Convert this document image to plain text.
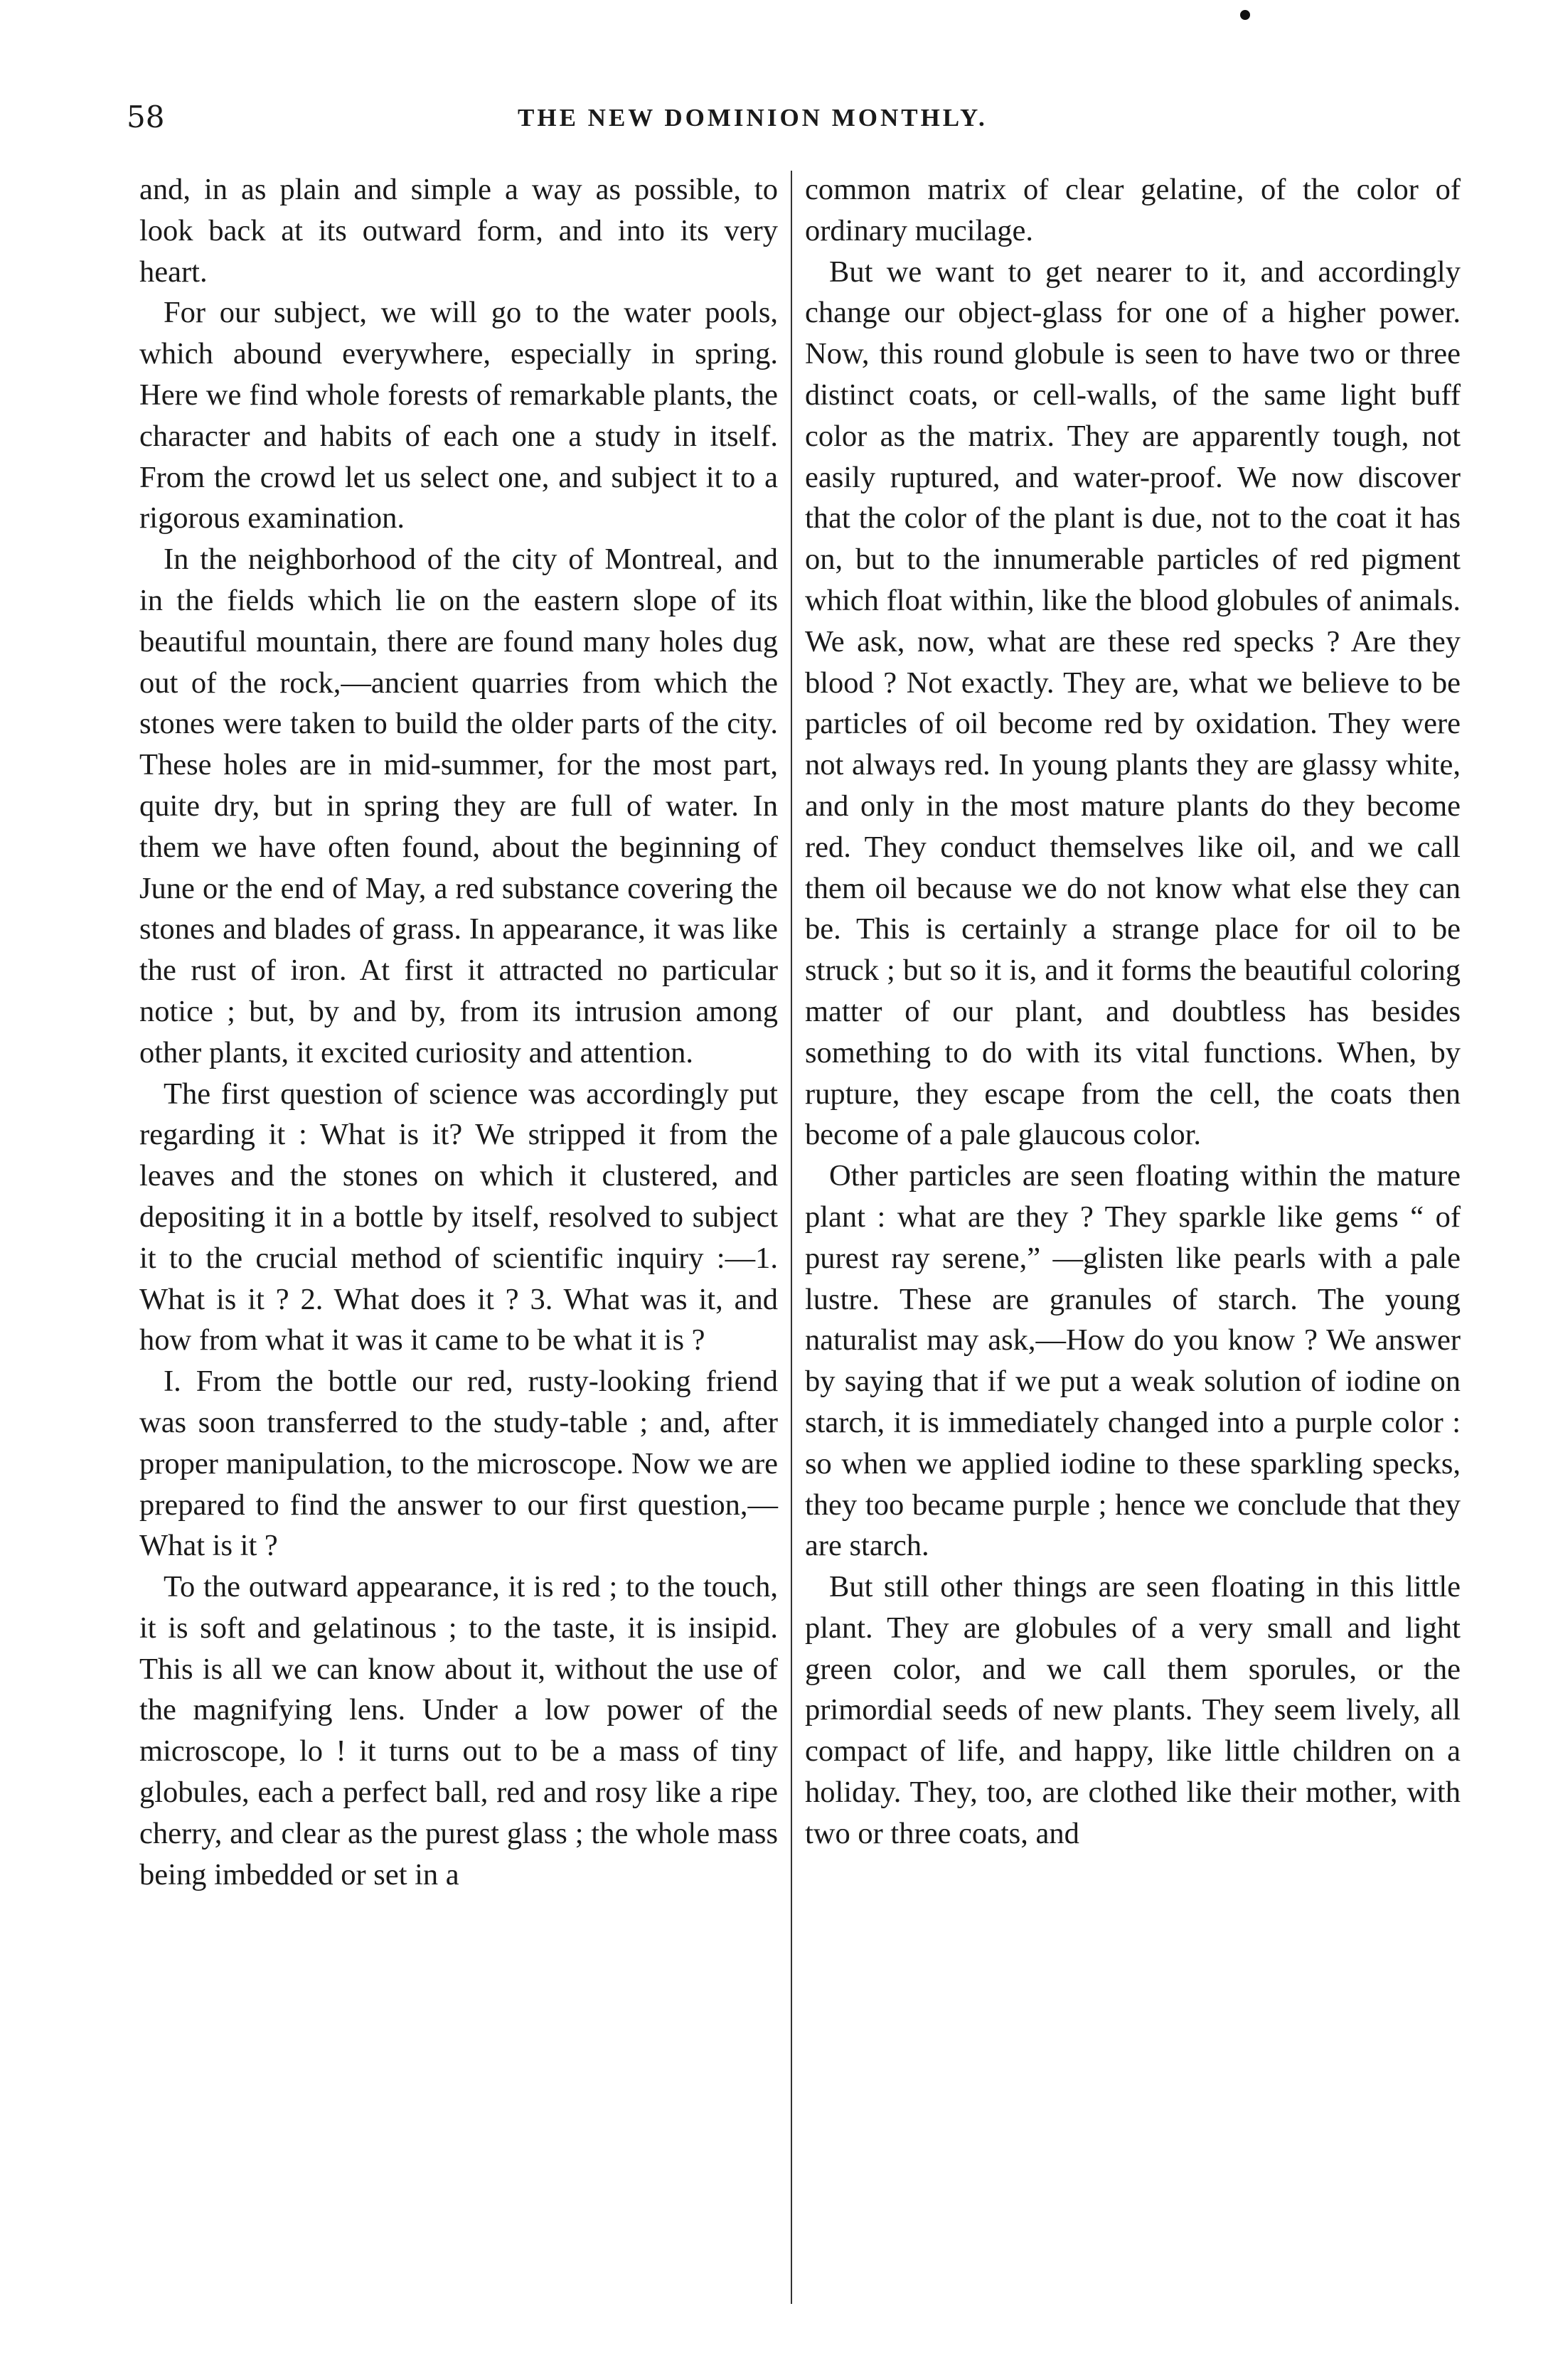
58	THE NEW DOMINION MONTHLY.

and, in as plain and simple a way as possible, to look back at its outward form, and into its very heart.

For our subject, we will go to the water pools, which abound everywhere, especially in spring. Here we find whole forests of remarkable plants, the character and habits of each one a study in itself. From the crowd let us select one, and subject it to a rigorous examination.

In the neighborhood of the city of Montreal, and in the fields which lie on the eastern slope of its beautiful mountain, there are found many holes dug out of the rock,—ancient quarries from which the stones were taken to build the older parts of the city. These holes are in mid-summer, for the most part, quite dry, but in spring they are full of water. In them we have often found, about the beginning of June or the end of May, a red substance covering the stones and blades of grass. In appearance, it was like the rust of iron. At first it attracted no particular notice ; but, by and by, from its intrusion among other plants, it excited curiosity and attention.

The first question of science was accordingly put regarding it : What is it? We stripped it from the leaves and the stones on which it clustered, and depositing it in a bottle by itself, resolved to subject it to the crucial method of scientific inquiry :—1. What is it ? 2. What does it ? 3. What was it, and how from what it was it came to be what it is ?

I. From the bottle our red, rusty-looking friend was soon transferred to the study-table ; and, after proper manipulation, to the microscope. Now we are prepared to find the answer to our first question,—What is it ?

To the outward appearance, it is red ; to the touch, it is soft and gelatinous ; to the taste, it is insipid. This is all we can know about it, without the use of the magnifying lens. Under a low power of the microscope, lo ! it turns out to be a mass of tiny globules, each a perfect ball, red and rosy like a ripe cherry, and clear as the purest glass ; the whole mass being imbedded or set in a

common matrix of clear gelatine, of the color of ordinary mucilage.

But we want to get nearer to it, and accordingly change our object-glass for one of a higher power. Now, this round globule is seen to have two or three distinct coats, or cell-walls, of the same light buff color as the matrix. They are apparently tough, not easily ruptured, and water-proof. We now discover that the color of the plant is due, not to the coat it has on, but to the innumerable particles of red pigment which float within, like the blood globules of animals. We ask, now, what are these red specks ? Are they blood ? Not exactly. They are, what we believe to be particles of oil become red by oxidation. They were not always red. In young plants they are glassy white, and only in the most mature plants do they become red. They conduct themselves like oil, and we call them oil because we do not know what else they can be. This is certainly a strange place for oil to be struck ; but so it is, and it forms the beautiful coloring matter of our plant, and doubtless has besides something to do with its vital functions. When, by rupture, they escape from the cell, the coats then become of a pale glaucous color.

Other particles are seen floating within the mature plant : what are they ? They sparkle like gems “ of purest ray serene,” —glisten like pearls with a pale lustre. These are granules of starch. The young naturalist may ask,—How do you know ? We answer by saying that if we put a weak solution of iodine on starch, it is immediately changed into a purple color : so when we applied iodine to these sparkling specks, they too became purple ; hence we conclude that they are starch.

But still other things are seen floating in this little plant. They are globules of a very small and light green color, and we call them sporules, or the primordial seeds of new plants. They seem lively, all compact of life, and happy, like little children on a holiday. They, too, are clothed like their mother, with two or three coats, and
